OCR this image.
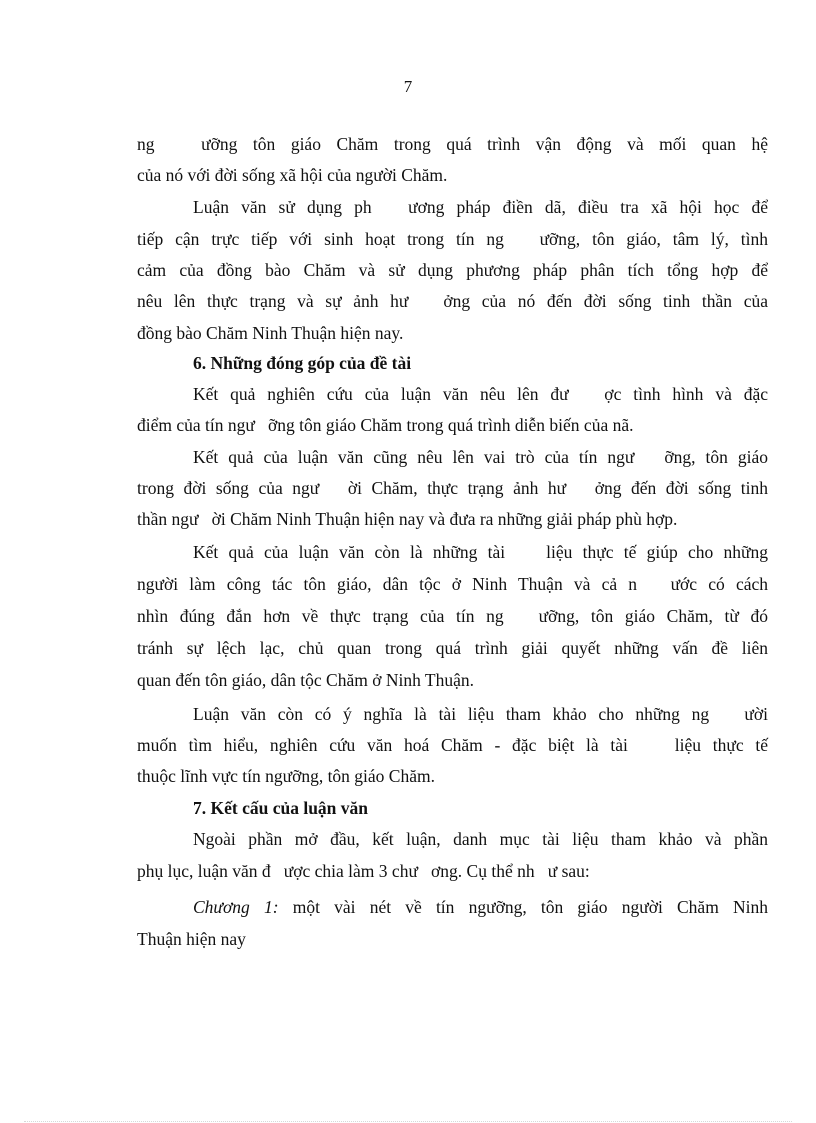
7
ng   ưỡng tôn giáo Chăm trong quá trình vận động và mối quan hệ
của nó với đời sống xã hội của người Chăm.
Luận văn sử dụng ph   ương pháp điền dã, điều tra xã hội học để
tiếp cận trực tiếp với sinh hoạt trong tín ng   ưỡng, tôn giáo, tâm lý, tình
cảm của đồng bào Chăm và sử dụng phương pháp phân tích tổng hợp để
nêu lên thực trạng và sự ảnh hư   ởng của nó đến đời sống tinh thần của
đồng bào Chăm Ninh Thuận hiện nay.
6. Những đóng góp của đề tài
Kết quả nghiên cứu của luận văn nêu lên đư   ợc tình hình và đặc
điểm của tín ngư   ỡng tôn giáo Chăm trong quá trình diễn biến của nã.
Kết quả của luận văn cũng nêu lên vai trò của tín ngư   ỡng, tôn giáo
trong đời sống của ngư   ời Chăm, thực trạng ảnh hư   ởng đến đời sống tinh
thần ngư   ời Chăm Ninh Thuận hiện nay và đưa ra những giải pháp phù hợp.
Kết quả của luận văn còn là những tài    liệu thực tế giúp cho những
người làm công tác tôn giáo, dân tộc ở Ninh Thuận và cả n   ước có cách
nhìn đúng đắn hơn về thực trạng của tín ng   ưỡng, tôn giáo Chăm, từ đó
tránh sự lệch lạc, chủ quan trong quá trình giải quyết những vấn đề liên
quan đến tôn giáo, dân tộc Chăm ở Ninh Thuận.
Luận văn còn có ý nghĩa là tài liệu tham khảo cho những ng   ười
muốn tìm hiểu, nghiên cứu văn hoá Chăm - đặc biệt là tài    liệu thực tế
thuộc lĩnh vực tín ngưỡng, tôn giáo Chăm.
7. Kết cấu của luận văn
Ngoài phần mở đầu, kết luận, danh mục tài liệu tham khảo và phần
phụ lục, luận văn đ   ược chia làm 3 chư   ơng. Cụ thể nh   ư sau:
Chương 1: một vài nét về tín ngưỡng, tôn giáo người Chăm Ninh
Thuận hiện nay
